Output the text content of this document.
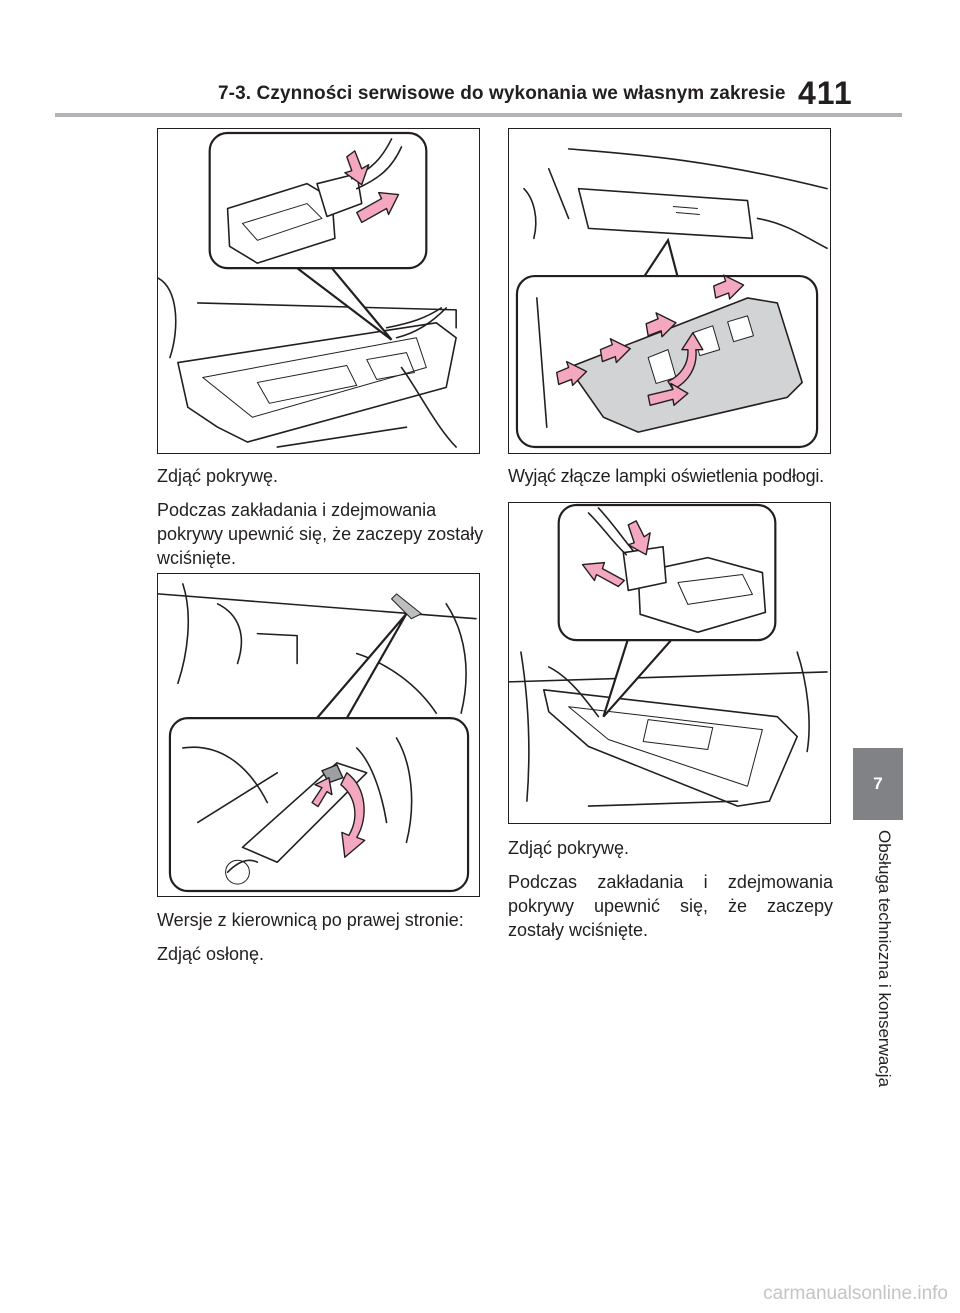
7-3. Czynności serwisowe do wykonania we własnym zakresie 411

Zdjąć pokrywę.

Podczas zakładania i zdejmowania pokrywy upewnić się, że zaczepy zostały wciśnięte.

Wersje z kierownicą po prawej stronie:

Zdjąć osłonę.

Wyjąć złącze lampki oświetlenia podłogi.

Zdjąć pokrywę.

Podczas zakładania i zdejmowania pokrywy upewnić się, że zaczepy zostały wciśnięte.

7
Obsługa techniczna i konserwacja
carmanualsonline.info
